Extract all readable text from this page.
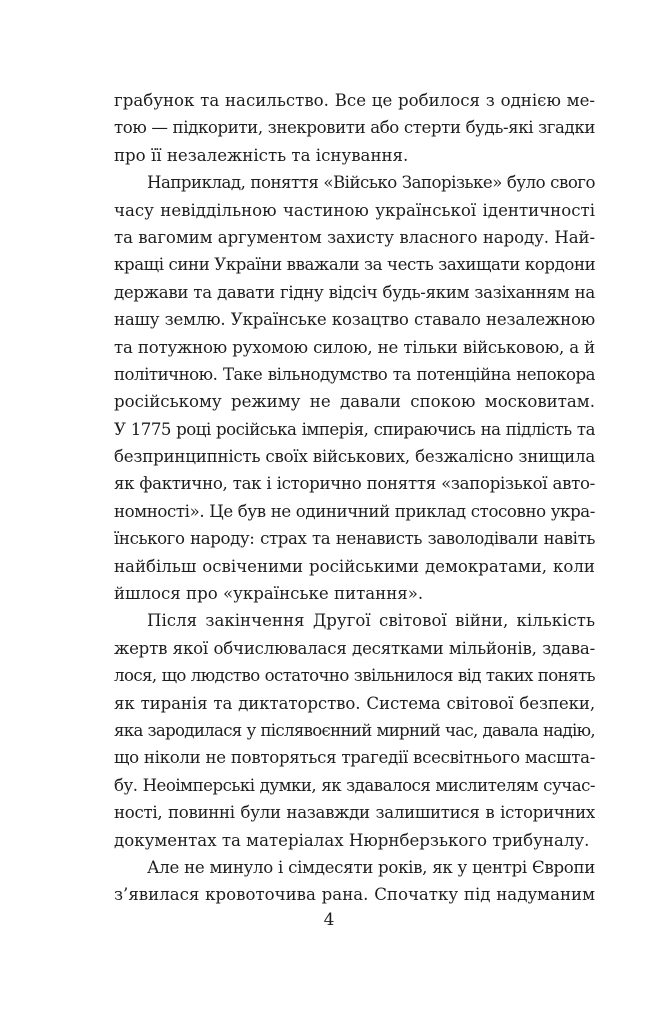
грабунок та насильство. Все це робилося з однією ме-
тою — підкорити, знекровити або стерти будь-які згадки
про її незалежність та існування.
Наприклад, поняття «Військо Запорізьке» було свого
часу невіддільною частиною української ідентичності
та вагомим аргументом захисту власного народу. Най-
кращі сини України вважали за честь захищати кордони
держави та давати гідну відсіч будь-яким зазіханням на
нашу землю. Українське козацтво ставало незалежною
та потужною рухомою силою, не тільки військовою, а й
політичною. Таке вільнодумство та потенційна непокора
російському режиму не давали спокою московитам.
У 1775 році російська імперія, спираючись на підлість та
безпринципність своїх військових, безжалісно знищила
як фактично, так і історично поняття «запорізької авто-
номності». Це був не одиничний приклад стосовно укра-
їнського народу: страх та ненависть заволодівали навіть
найбільш освіченими російськими демократами, коли
йшлося про «українське питання».
Після закінчення Другої світової війни, кількість
жертв якої обчислювалася десятками мільйонів, здава-
лося, що людство остаточно звільнилося від таких понять
як тиранія та диктаторство. Система світової безпеки,
яка зародилася у післявоєнний мирний час, давала надію,
що ніколи не повторяться трагедії всесвітнього масшта-
бу. Неоімперські думки, як здавалося мислителям сучас-
ності, повинні були назавжди залишитися в історичних
документах та матеріалах Нюрнберзького трибуналу.
Але не минуло і сімдесяти років, як у центрі Європи
з’явилася кровоточива рана. Спочатку під надуманим
4
